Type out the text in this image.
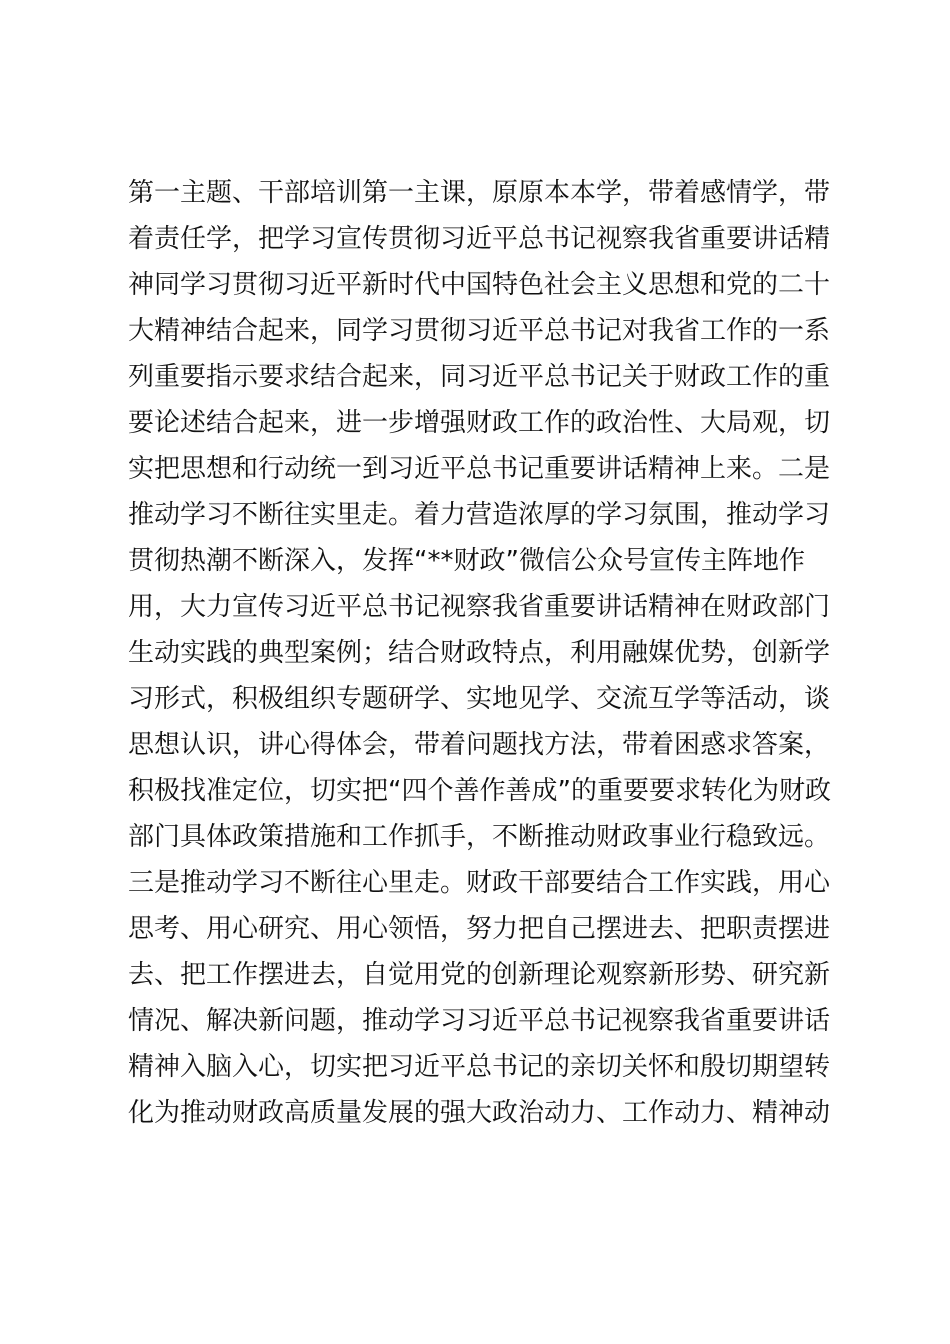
第一主题、干部培训第一主课，原原本本学，带着感情学，带
着责任学，把学习宣传贯彻习近平总书记视察我省重要讲话精
神同学习贯彻习近平新时代中国特色社会主义思想和党的二十
大精神结合起来，同学习贯彻习近平总书记对我省工作的一系
列重要指示要求结合起来，同习近平总书记关于财政工作的重
要论述结合起来，进一步增强财政工作的政治性、大局观，切
实把思想和行动统一到习近平总书记重要讲话精神上来。二是
推动学习不断往实里走。着力营造浓厚的学习氛围，推动学习
贯彻热潮不断深入，发挥“**财政”微信公众号宣传主阵地作
用，大力宣传习近平总书记视察我省重要讲话精神在财政部门
生动实践的典型案例；结合财政特点，利用融媒优势，创新学
习形式，积极组织专题研学、实地见学、交流互学等活动，谈
思想认识，讲心得体会，带着问题找方法，带着困惑求答案，
积极找准定位，切实把“四个善作善成”的重要要求转化为财政
部门具体政策措施和工作抓手，不断推动财政事业行稳致远。
三是推动学习不断往心里走。财政干部要结合工作实践，用心
思考、用心研究、用心领悟，努力把自己摆进去、把职责摆进
去、把工作摆进去，自觉用党的创新理论观察新形势、研究新
情况、解决新问题，推动学习习近平总书记视察我省重要讲话
精神入脑入心，切实把习近平总书记的亲切关怀和殷切期望转
化为推动财政高质量发展的强大政治动力、工作动力、精神动
